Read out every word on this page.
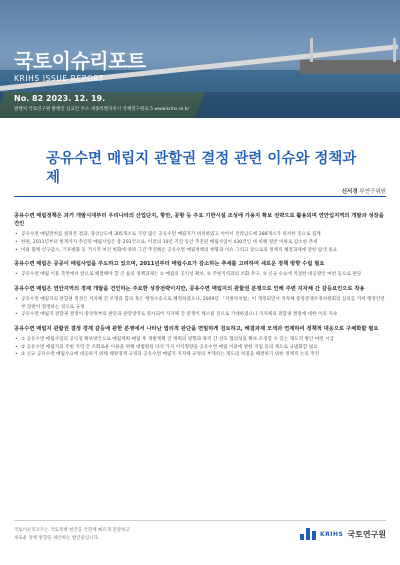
국토이슈리포트
KRIHS ISSUE REPORT
No. 82 2023. 12. 19.
발행처 국토연구원 발행인 심교언 주소 세종특별자치시 국책연구원로 5 www.krihs.re.kr
공유수면 매립지 관할권 결정 관련 이슈와 정책과제
신서경 부연구위원

공유수면 매립정책은 과거 개발시대부터 우리나라의 산업단지, 항만, 공항 등 주요 기반시설 조성에 가용지 확보 전략으로 활용되며 연안입지역의 개발과 성장을 견인

• 공유수면 매립면허를 살펴본 결과, 경상남도에 305개소로 가장 많은 공유수면 매립지가 위치하였고 이어서 전라남도에 288개소가 위치한 것으로 집계

• 한편, 2011년부터 현재까지 추진된 매립사업은 총 201건으로, 이전의 10년 기간 동안 추진된 매립사업이 430건인 데 비해 절반 이하로 감소한 추세

• 이와 함께 인구감소, 기후변화 등 거시적 여건 변화에 따라 그간 추진해온 공유수면 매립정책의 현황과 이슈 그리고 앞으로의 정책적 해결과제에 관한 탐색 필요

공유수면 매립은 공공이 매립사업을 주도하고 있으며, 2011년부터 매립수요가 감소하는 추세를 고려하여 새로운 정책 방향 수립 필요

• 공유수면 매립 이용 측면에서 앞으로 해결해야 할 큰 틀의 정책과제는 ① 매립의 공익성 확보, ② 주변지역과의 조화 추구, ③ 신규 수요에 적절한 대응방안 마련 등으로 판단

공유수면 매립은 연안지역의 경제 개발을 견인하는 주요한 성장전략이지만, 공유수면 매립지의 관할권 분쟁으로 인해 주변 지자체 간 갈등요인으로 작용

• 공유수면 매립지의 관할권 결정은 지자체 간 조정과 합의 혹은 행정소송으로 해결하였으나, 2009년 「지방자치법」이 개정되면서 지자체 중앙분쟁조정위원회의 심의를 거쳐 행정안전부 장관이 결정하는 것으로 규정

• 공유수면 매립지 관할권 결정이 중앙정부의 판단과 관장영역로 명시되어 지자체 간 분쟁이 해소될 것으로 기대하였으나 지자체의 관할권 결정에 대한 이의 지속

공유수면 매립지 관할권 결정 경계 갈등에 관한 분쟁에서 나타난 법리적 판단을 면밀하게 검토하고, 해결과제 모색과 연계하여 정책적 대응으로 구체화할 필요

• ① 공유수면 매립사업의 공익성 확보방안으로 매립계획-매립 후 개발계획 간 계획의 방향과 목적 간 상호 협의성을 확보·조정할 수 있는 제도적 방안 마련 시급

• ② 공유수면 매립지의 주변 지역 간 조화로운 이용을 위해 대법원의 다섯 가지 이익형량을 공유수면 매립 이용에 관한 지침 등의 제도로 규범화할 필요

• ③ 신규 공유수면 매립수요에 대응하기 위해 해양경계 규정과 공유수면 매립지 지자체 규정의 부재라는 제도의 허점을 해결하기 위한 정책적 논의 추진

국토이슈리포트는 국토정책 현안을 국민께 빠르게 전달하고
새로운 정책 방향을 제안하는 발간물입니다.
KRIHS 국토연구원
